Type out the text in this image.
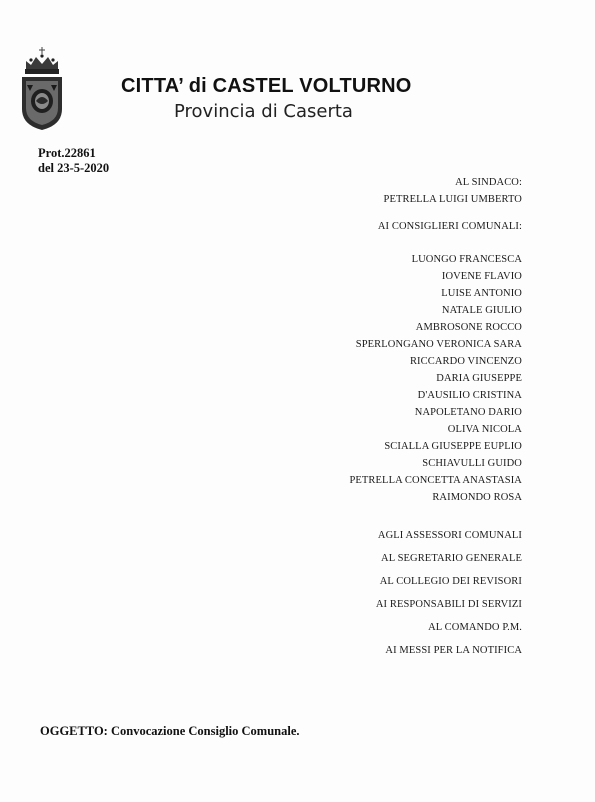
CITTA’ di CASTEL VOLTURNO
Provincia di Caserta
Prot.22861
del 23-5-2020
AL SINDACO:
PETRELLA LUIGI UMBERTO
AI CONSIGLIERI COMUNALI:
LUONGO FRANCESCA
IOVENE FLAVIO
LUISE ANTONIO
NATALE GIULIO
AMBROSONE ROCCO
SPERLONGANO VERONICA SARA
RICCARDO VINCENZO
DARIA GIUSEPPE
D'AUSILIO CRISTINA
NAPOLETANO DARIO
OLIVA NICOLA
SCIALLA GIUSEPPE EUPLIO
SCHIAVULLI GUIDO
PETRELLA CONCETTA ANASTASIA
RAIMONDO ROSA
AGLI ASSESSORI COMUNALI
AL SEGRETARIO GENERALE
AL COLLEGIO DEI REVISORI
AI RESPONSABILI DI SERVIZI
AL COMANDO P.M.
AI MESSI PER LA NOTIFICA
OGGETTO: Convocazione Consiglio Comunale.
